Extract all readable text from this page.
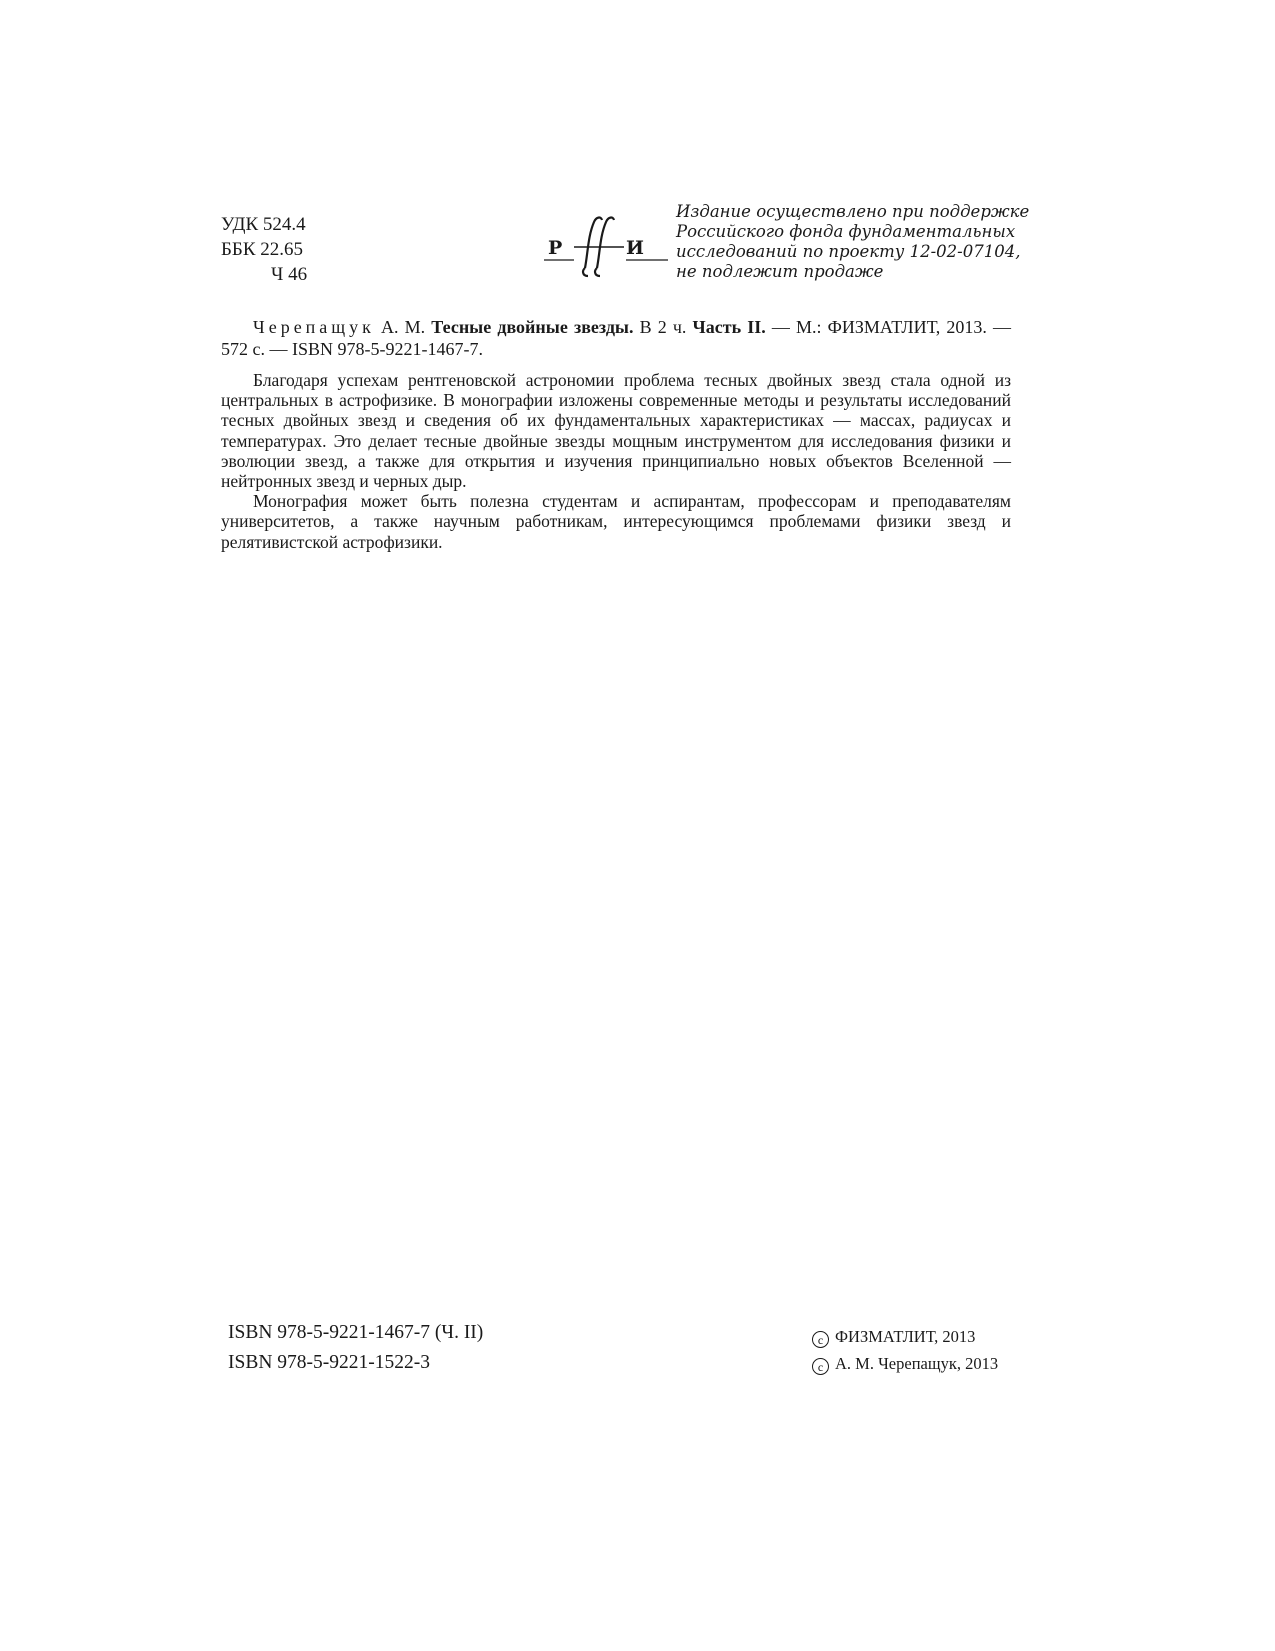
УДК 524.4
ББК 22.65
Ч 46
Р	И
Издание осуществлено при поддержке
Российского фонда фундаментальных
исследований по проекту 12-02-07104,
не подлежит продаже

Черепащук А. М. Тесные двойные звезды. В 2 ч. Часть II. — М.: ФИЗМАТЛИТ, 2013. — 572 с. — ISBN 978-5-9221-1467-7.

Благодаря успехам рентгеновской астрономии проблема тесных двойных звезд стала одной из центральных в астрофизике. В монографии изложены современные методы и результаты исследований тесных двойных звезд и сведения об их фундаментальных характеристиках — массах, радиусах и температурах. Это делает тесные двойные звезды мощным инструментом для исследования физики и эволюции звезд, а также для открытия и изучения принципиально новых объектов Вселенной — нейтронных звезд и черных дыр.

Монография может быть полезна студентам и аспирантам, профессорам и преподавателям университетов, а также научным работникам, интересующимся проблемами физики звезд и релятивистской астрофизики.

ISBN 978-5-9221-1467-7 (Ч. II)
ISBN 978-5-9221-1522-3
c ФИЗМАТЛИТ, 2013
c А. М. Черепащук, 2013
